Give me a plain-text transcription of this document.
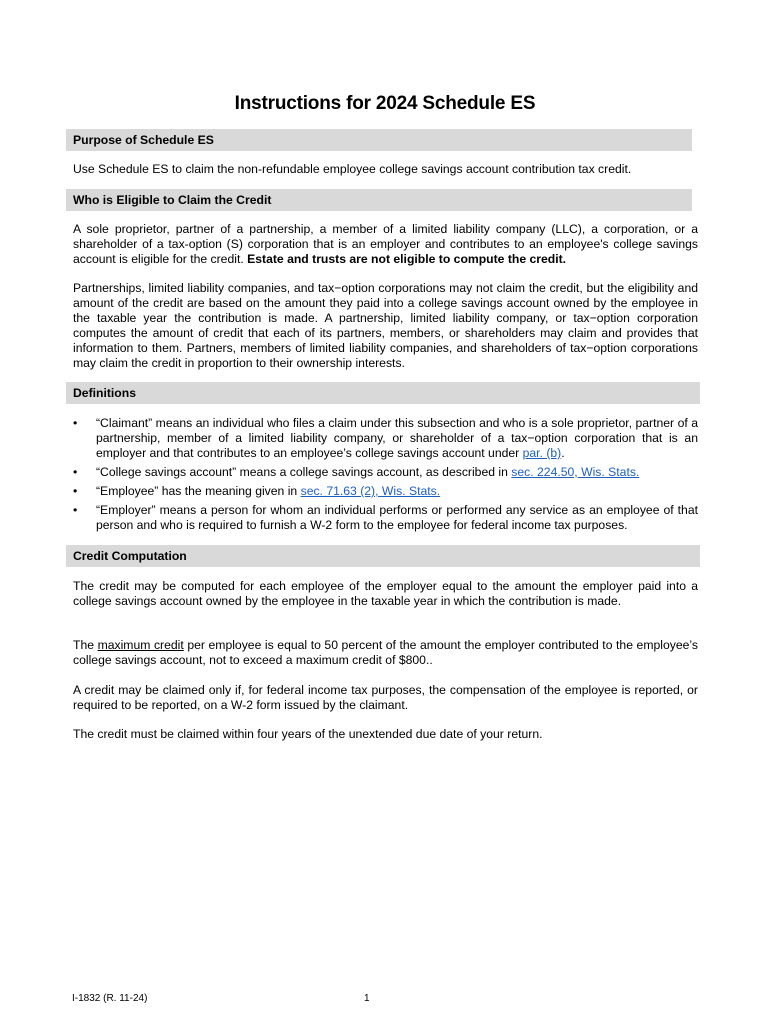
Instructions for 2024 Schedule ES
Purpose of Schedule ES
Use Schedule ES to claim the non-refundable employee college savings account contribution tax credit.
Who is Eligible to Claim the Credit
A sole proprietor, partner of a partnership, a member of a limited liability company (LLC), a corporation, or a shareholder of a tax-option (S) corporation that is an employer and contributes to an employee's college savings account is eligible for the credit. Estate and trusts are not eligible to compute the credit.
Partnerships, limited liability companies, and tax−option corporations may not claim the credit, but the eligibility and amount of the credit are based on the amount they paid into a college savings account owned by the employee in the taxable year the contribution is made. A partnership, limited liability company, or tax−option corporation computes the amount of credit that each of its partners, members, or shareholders may claim and provides that information to them. Partners, members of limited liability companies, and shareholders of tax−option corporations may claim the credit in proportion to their ownership interests.
Definitions
•	“Claimant” means an individual who files a claim under this subsection and who is a sole proprietor, partner of a partnership, member of a limited liability company, or shareholder of a tax−option corporation that is an employer and that contributes to an employee’s college savings account under par. (b).
•	“College savings account” means a college savings account, as described in sec. 224.50, Wis. Stats.
•	“Employee” has the meaning given in sec. 71.63 (2), Wis. Stats.
•	“Employer” means a person for whom an individual performs or performed any service as an employee of that person and who is required to furnish a W-2 form to the employee for federal income tax purposes.
Credit Computation
The credit may be computed for each employee of the employer equal to the amount the employer paid into a college savings account owned by the employee in the taxable year in which the contribution is made.
The maximum credit per employee is equal to 50 percent of the amount the employer contributed to the employee’s college savings account, not to exceed a maximum credit of $800..
A credit may be claimed only if, for federal income tax purposes, the compensation of the employee is reported, or required to be reported, on a W-2 form issued by the claimant.
The credit must be claimed within four years of the unextended due date of your return.
I-1832 (R. 11-24)	1
